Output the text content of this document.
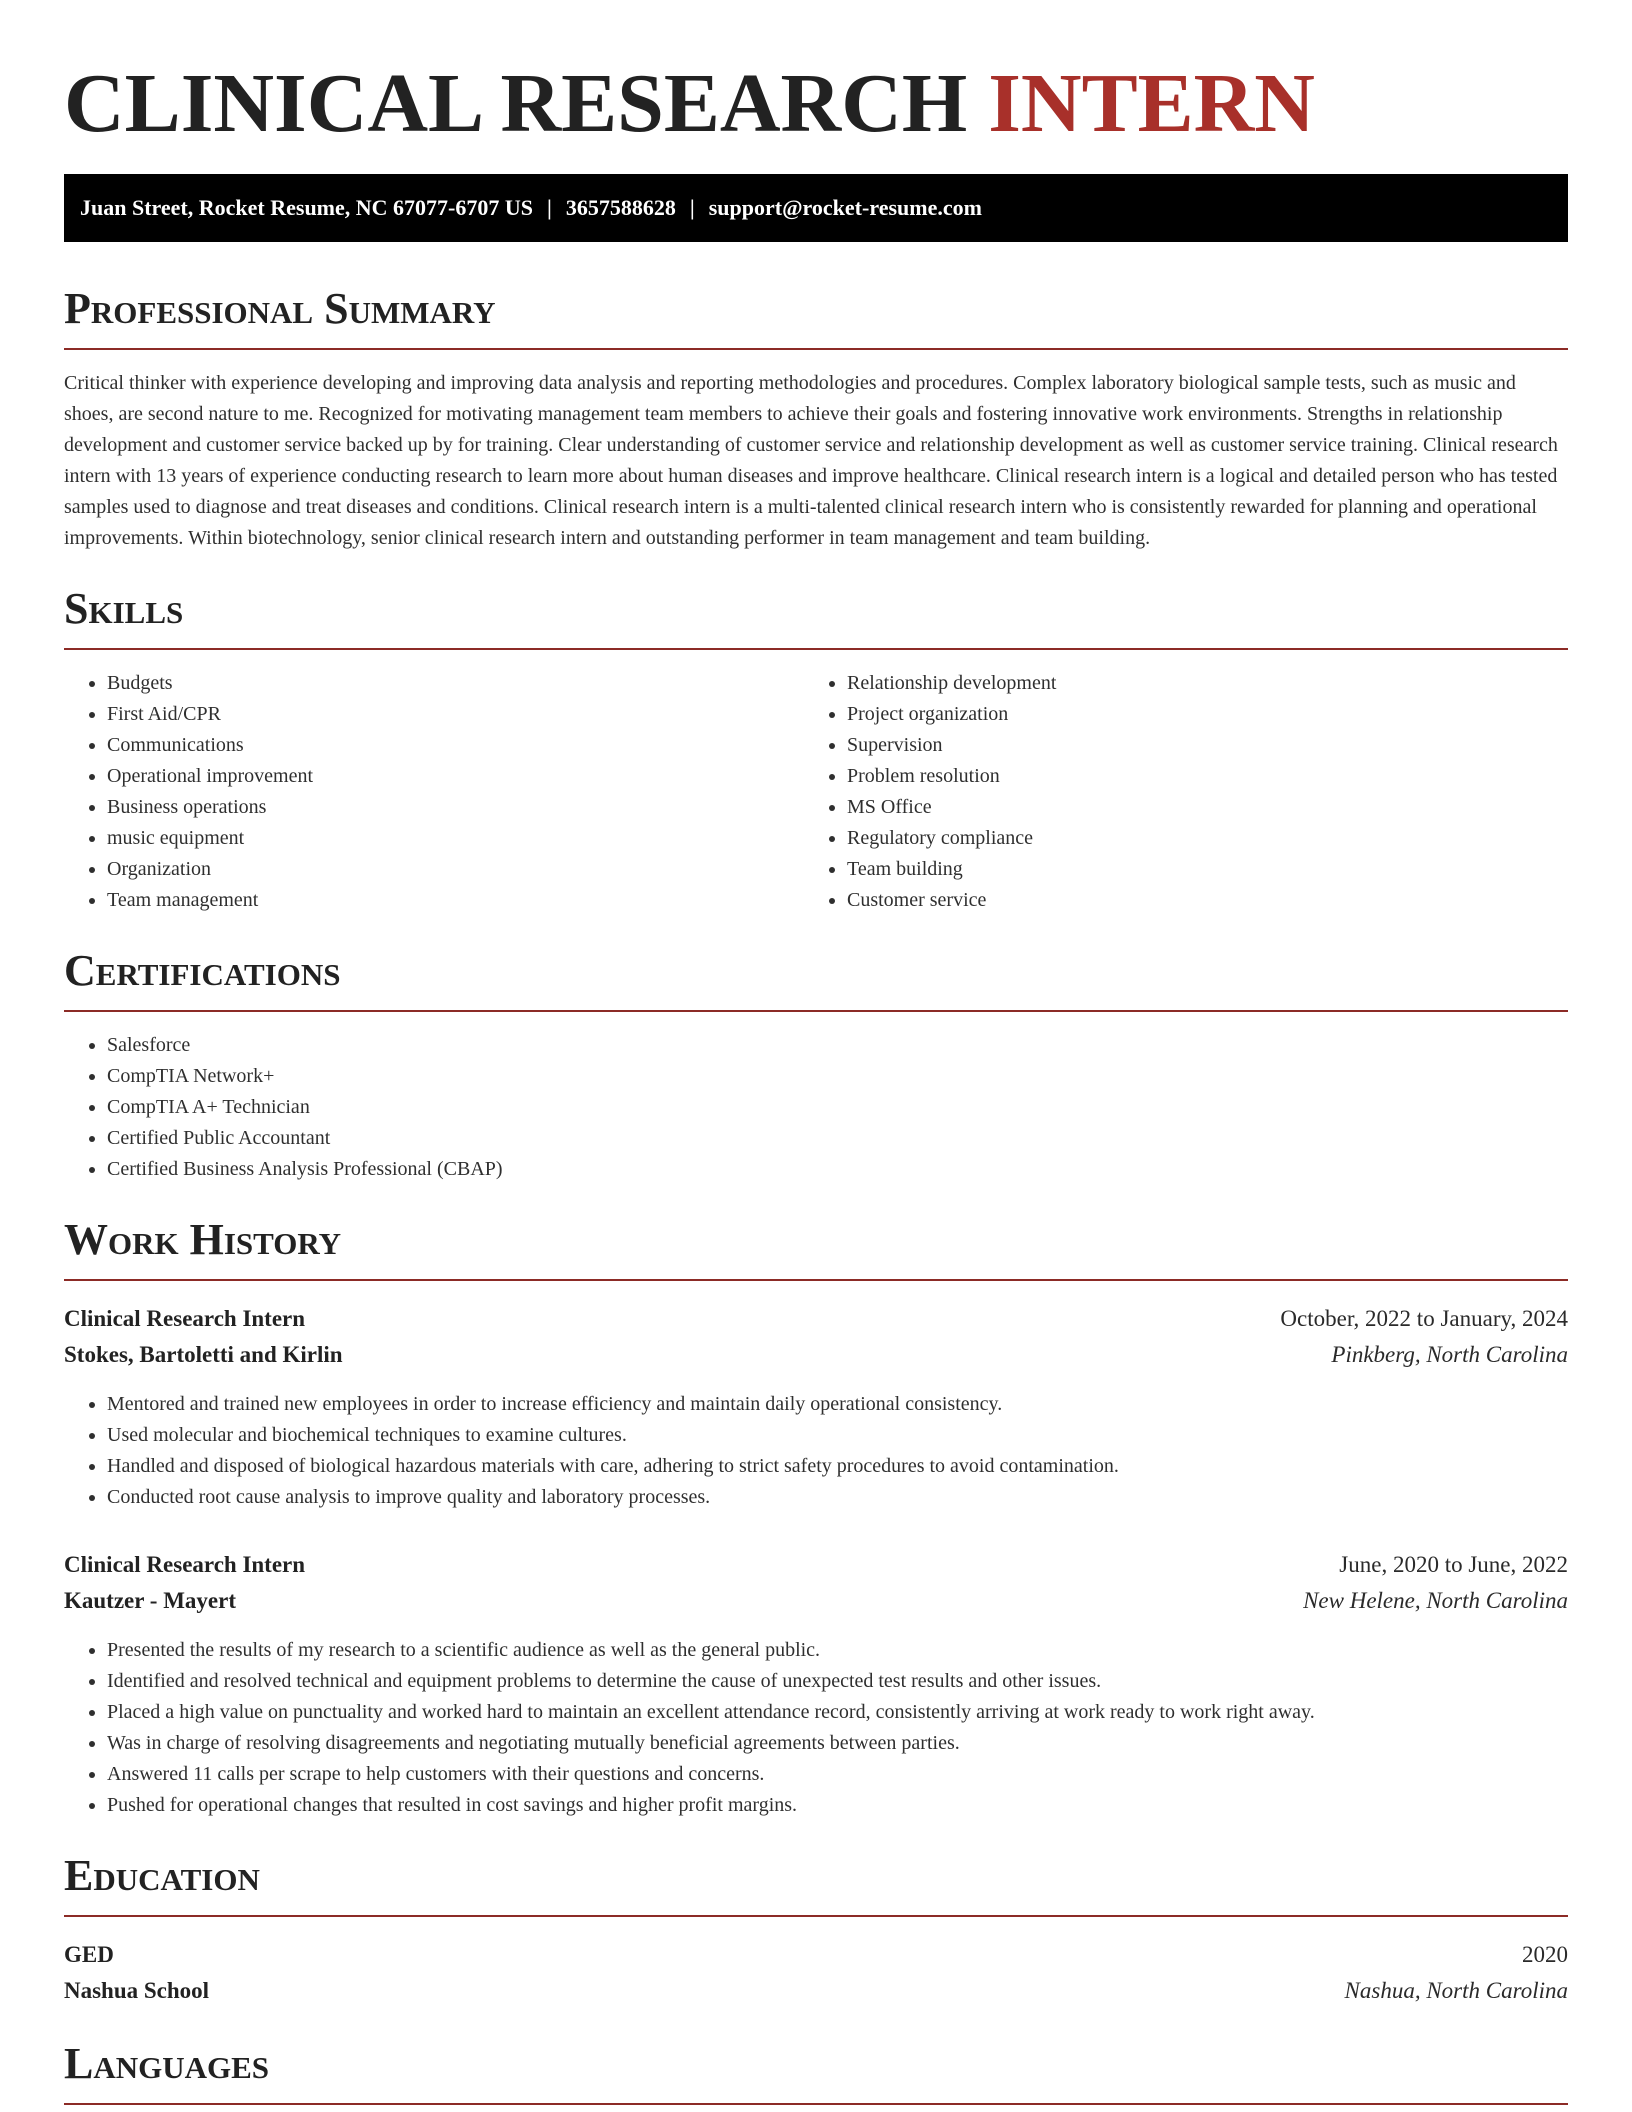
CLINICAL RESEARCH INTERN
Juan Street, Rocket Resume, NC 67077-6707 US | 3657588628 | support@rocket-resume.com
Professional Summary

Critical thinker with experience developing and improving data analysis and reporting methodologies and procedures. Complex laboratory biological sample tests, such as music and shoes, are second nature to me. Recognized for motivating management team members to achieve their goals and fostering innovative work environments. Strengths in relationship development and customer service backed up by for training. Clear understanding of customer service and relationship development as well as customer service training. Clinical research intern with 13 years of experience conducting research to learn more about human diseases and improve healthcare. Clinical research intern is a logical and detailed person who has tested samples used to diagnose and treat diseases and conditions. Clinical research intern is a multi-talented clinical research intern who is consistently rewarded for planning and operational improvements. Within biotechnology, senior clinical research intern and outstanding performer in team management and team building.

Skills
• Budgets
• First Aid/CPR
• Communications
• Operational improvement
• Business operations
• music equipment
• Organization
• Team management
• Relationship development
• Project organization
• Supervision
• Problem resolution
• MS Office
• Regulatory compliance
• Team building
• Customer service
Certifications
• Salesforce
• CompTIA Network+
• CompTIA A+ Technician
• Certified Public Accountant
• Certified Business Analysis Professional (CBAP)
Work History
Clinical Research Intern	October, 2022 to January, 2024
Stokes, Bartoletti and Kirlin	Pinkberg, North Carolina
• Mentored and trained new employees in order to increase efficiency and maintain daily operational consistency.
• Used molecular and biochemical techniques to examine cultures.
• Handled and disposed of biological hazardous materials with care, adhering to strict safety procedures to avoid contamination.
• Conducted root cause analysis to improve quality and laboratory processes.
Clinical Research Intern	June, 2020 to June, 2022
Kautzer - Mayert	New Helene, North Carolina
• Presented the results of my research to a scientific audience as well as the general public.
• Identified and resolved technical and equipment problems to determine the cause of unexpected test results and other issues.
• Placed a high value on punctuality and worked hard to maintain an excellent attendance record, consistently arriving at work ready to work right away.
• Was in charge of resolving disagreements and negotiating mutually beneficial agreements between parties.
• Answered 11 calls per scrape to help customers with their questions and concerns.
• Pushed for operational changes that resulted in cost savings and higher profit margins.
Education
GED	2020
Nashua School	Nashua, North Carolina
Languages
